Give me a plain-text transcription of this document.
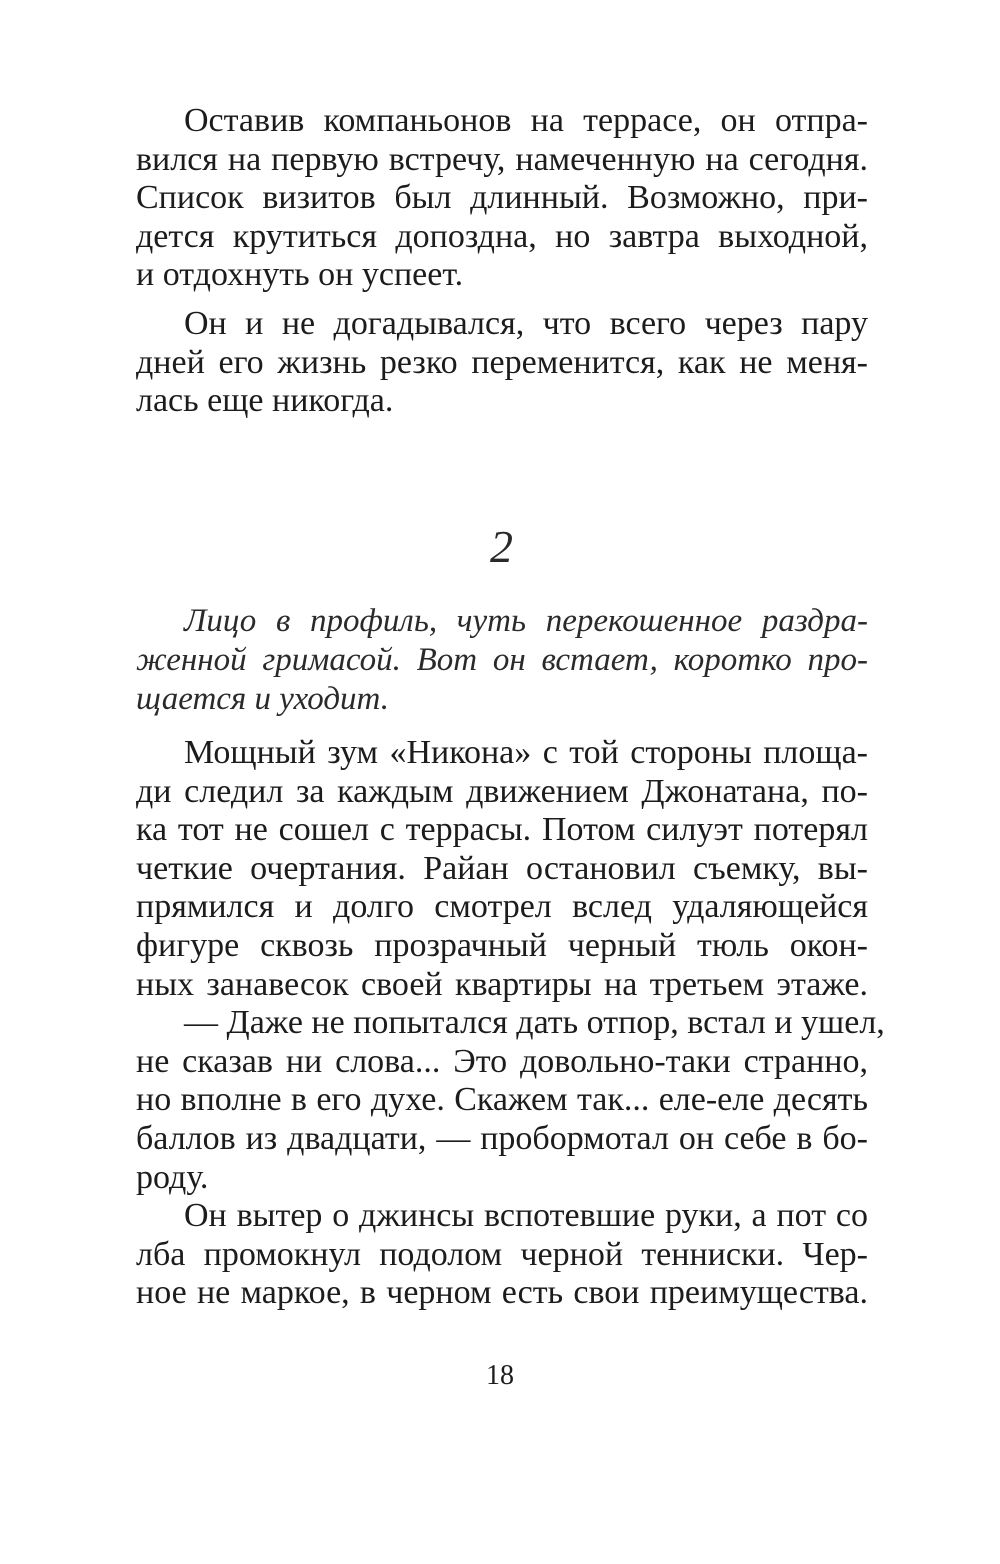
Оставив компаньонов на террасе, он отпра-
вился на первую встречу, намеченную на сегодня.
Список визитов был длинный. Возможно, при-
дется крутиться допоздна, но завтра выходной,
и отдохнуть он успеет.

Он и не догадывался, что всего через пару
дней его жизнь резко переменится, как не меня-
лась еще никогда.

2
Лицо в профиль, чуть перекошенное раздра-
женной гримасой. Вот он встает, коротко про-
щается и уходит.

Мощный зум «Никона» с той стороны площа-
ди следил за каждым движением Джонатана, по-
ка тот не сошел с террасы. Потом силуэт потерял
четкие очертания. Райан остановил съемку, вы-
прямился и долго смотрел вслед удаляющейся
фигуре сквозь прозрачный черный тюль окон-
ных занавесок своей квартиры на третьем этаже.

— Даже не попытался дать отпор, встал и ушел,
не сказав ни слова... Это довольно-таки странно,
но вполне в его духе. Скажем так... еле-еле десять
баллов из двадцати, — пробормотал он себе в бо-
роду.

Он вытер о джинсы вспотевшие руки, а пот со
лба промокнул подолом черной тенниски. Чер-
ное не маркое, в черном есть свои преимущества.

18
